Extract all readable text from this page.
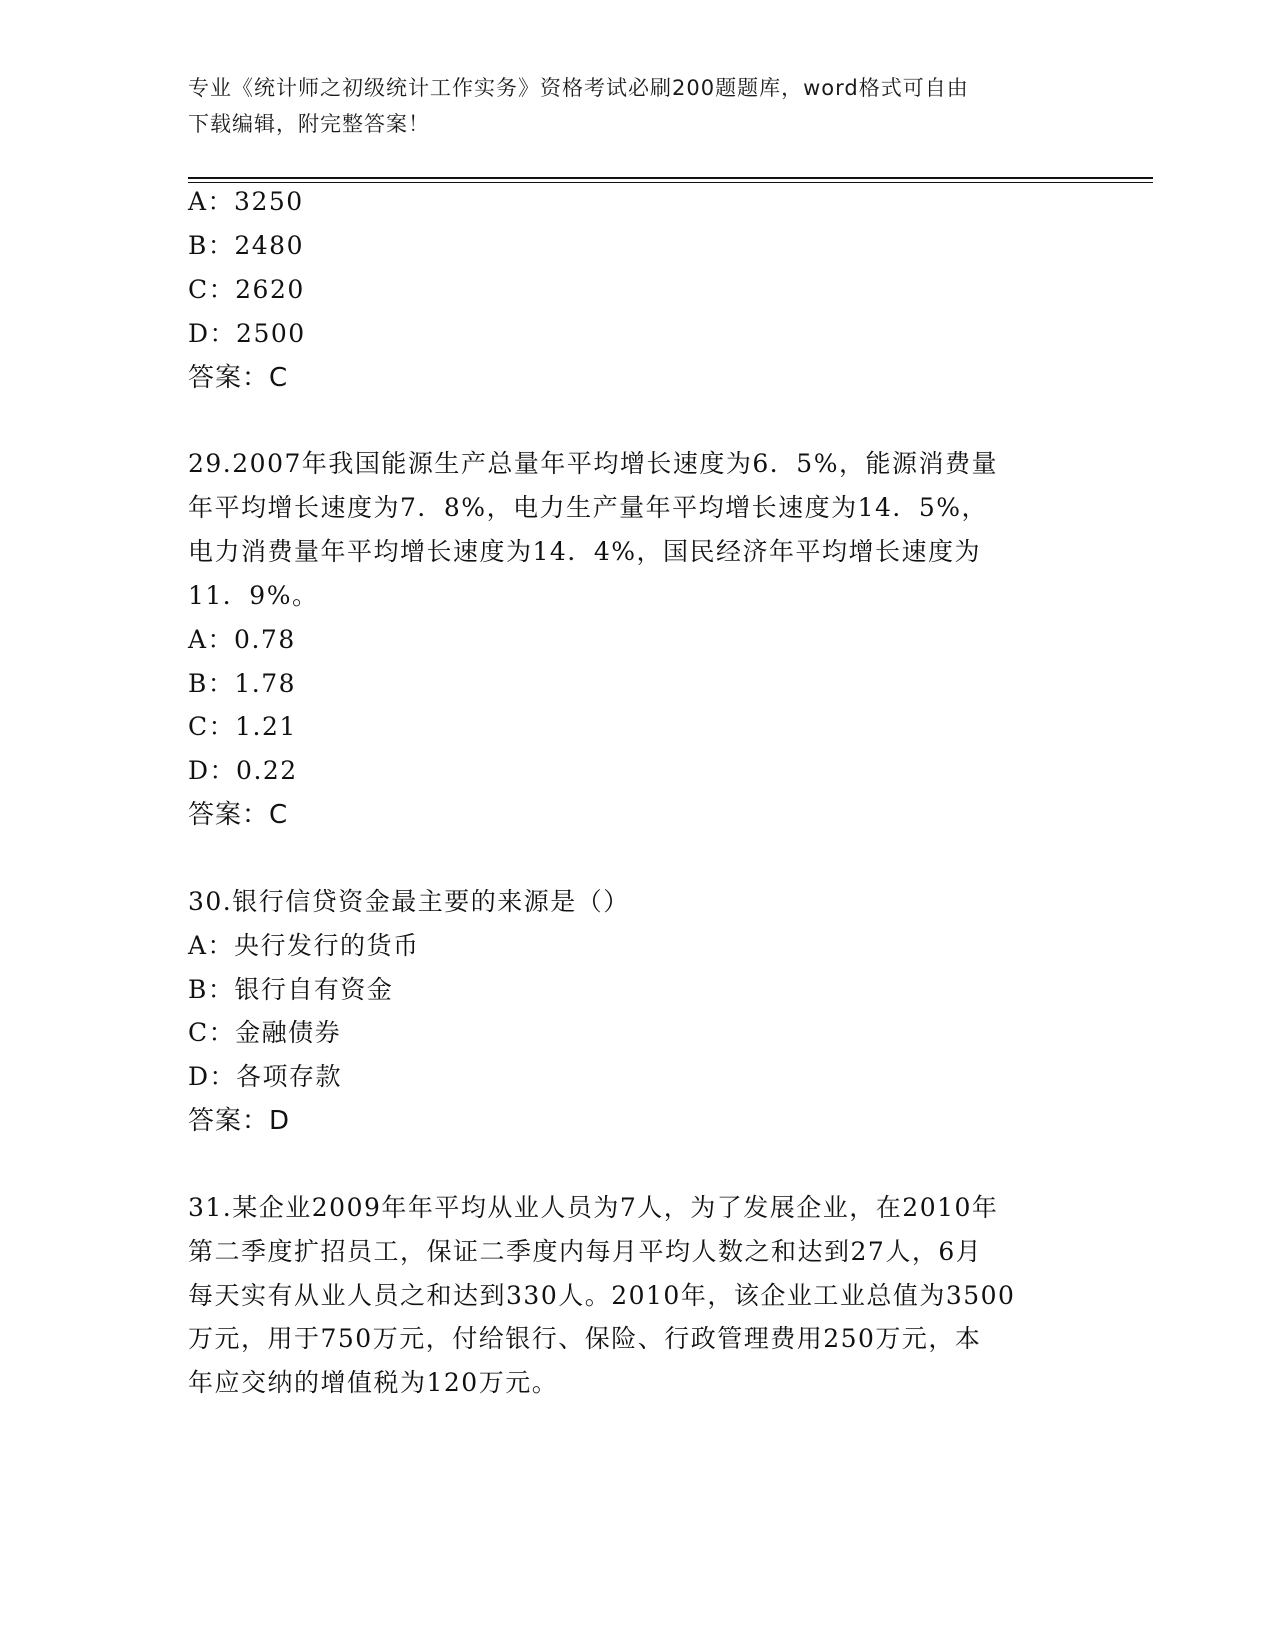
专业《统计师之初级统计工作实务》资格考试必刷200题题库，word格式可自由
下载编辑，附完整答案！
A：3250
B：2480
C：2620
D：2500
答案：C
29.2007年我国能源生产总量年平均增长速度为6．5%，能源消费量
年平均增长速度为7．8%，电力生产量年平均增长速度为14．5%，
电力消费量年平均增长速度为14．4%，国民经济年平均增长速度为
11．9%。
A：0.78
B：1.78
C：1.21
D：0.22
答案：C
30.银行信贷资金最主要的来源是（）
A：央行发行的货币
B：银行自有资金
C：金融债券
D：各项存款
答案：D
31.某企业2009年年平均从业人员为7人，为了发展企业，在2010年
第二季度扩招员工，保证二季度内每月平均人数之和达到27人，6月
每天实有从业人员之和达到330人。2010年，该企业工业总值为3500
万元，用于750万元，付给银行、保险、行政管理费用250万元，本
年应交纳的增值税为120万元。
